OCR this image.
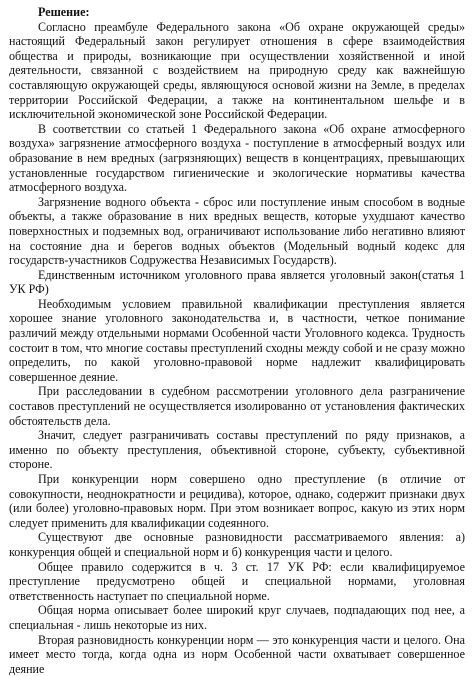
Решение:

Согласно преамбуле Федерального закона «Об охране окружающей среды» настоящий Федеральный закон регулирует отношения в сфере взаимодействия общества и природы, возникающие при осуществлении хозяйственной и иной деятельности, связанной с воздействием на природную среду как важнейшую составляющую окружающей среды, являющуюся основой жизни на Земле, в пределах территории Российской Федерации, а также на континентальном шельфе и в исключительной экономической зоне Российской Федерации.

В соответствии со статьей 1 Федерального закона «Об охране атмосферного воздуха» загрязнение атмосферного воздуха - поступление в атмосферный воздух или образование в нем вредных (загрязняющих) веществ в концентрациях, превышающих установленные государством гигиенические и экологические нормативы качества атмосферного воздуха.

Загрязнение водного объекта - сброс или поступление иным способом в водные объекты, а также образование в них вредных веществ, которые ухудшают качество поверхностных и подземных вод, ограничивают использование либо негативно влияют на состояние дна и берегов водных объектов (Модельный водный кодекс для государств-участников Содружества Независимых Государств).

Единственным источником уголовного права является уголовный закон(статья 1 УК РФ)

Необходимым условием правильной квалификации преступления является хорошее знание уголовного законодательства и, в частности, четкое понимание различий между отдельными нормами Особенной части Уголовного кодекса. Трудность состоит в том, что многие составы преступлений сходны между собой и не сразу можно определить, по какой уголовно-правовой норме надлежит квалифицировать совершенное деяние.

При расследовании в судебном рассмотрении уголовного дела разграничение составов преступлений не осуществляется изолированно от установления фактических обстоятельств дела.

Значит, следует разграничивать составы преступлений по ряду признаков, а именно по объекту преступления, объективной стороне, субъекту, субъективной стороне.

При конкуренции норм совершено одно преступление (в отличие от совокупности, неоднократности и рецидива), которое, однако, содержит признаки двух (или более) уголовно-правовых норм. При этом возникает вопрос, какую из этих норм следует применить для квалификации содеянного.

Существуют две основные разновидности рассматриваемого явления: а) конкуренция общей и специальной норм и б) конкуренция части и целого.

Общее правило содержится в ч. 3 ст. 17 УК РФ: если квалифицируемое преступление предусмотрено общей и специальной нормами, уголовная ответственность наступает по специальной норме.

Общая норма описывает более широкий круг случаев, подпадающих под нее, а специальная - лишь некоторые из них.

Вторая разновидность конкуренции норм — это конкуренция части и целого. Она имеет место тогда, когда одна из норм Особенной части охватывает совершенное деяние
